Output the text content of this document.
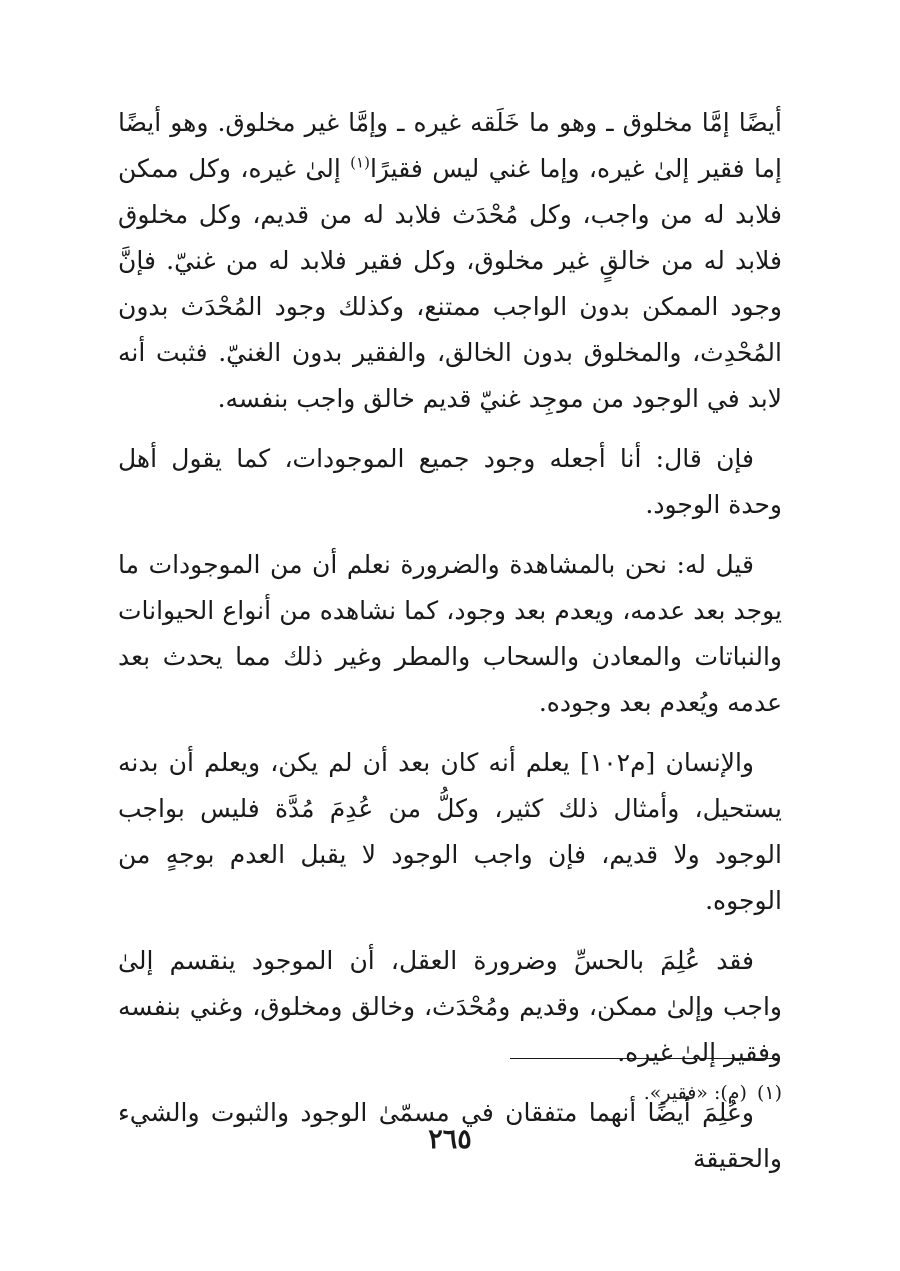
أيضًا إمَّا مخلوق ـ وهو ما خَلَقه غيره ـ وإمَّا غير مخلوق. وهو أيضًا إما فقير إلىٰ غيره، وإما غني ليس فقيرًا$^{(١)}$ إلىٰ غيره، وكل ممكن فلابد له من واجب، وكل مُحْدَث فلابد له من قديم، وكل مخلوق فلابد له من خالقٍ غير مخلوق، وكل فقير فلابد له من غنيّ. فإنَّ وجود الممكن بدون الواجب ممتنع، وكذلك وجود المُحْدَث بدون المُحْدِث، والمخلوق بدون الخالق، والفقير بدون الغنيّ. فثبت أنه لابد في الوجود من موجِد غنيّ قديم خالق واجب بنفسه.

فإن قال: أنا أجعله وجود جميع الموجودات، كما يقول أهل وحدة الوجود.

قيل له: نحن بالمشاهدة والضرورة نعلم أن من الموجودات ما يوجد بعد عدمه، ويعدم بعد وجود، كما نشاهده من أنواع الحيوانات والنباتات والمعادن والسحاب والمطر وغير ذلك مما يحدث بعد عدمه ويُعدم بعد وجوده.

والإنسان [م١٠٢] يعلم أنه كان بعد أن لم يكن، ويعلم أن بدنه يستحيل، وأمثال ذلك كثير، وكلُّ من عُدِمَ مُدَّة فليس بواجب الوجود ولا قديم، فإن واجب الوجود لا يقبل العدم بوجهٍ من الوجوه.

فقد عُلِمَ بالحسِّ وضرورة العقل، أن الموجود ينقسم إلىٰ واجب وإلىٰ ممكن، وقديم ومُحْدَث، وخالق ومخلوق، وغني بنفسه وفقير إلىٰ غيره.

وعُلِمَ أيضًا أنهما متفقان في مسمّىٰ الوجود والثبوت والشيء والحقيقة

(١)(م): «فقير».
٢٦٥
